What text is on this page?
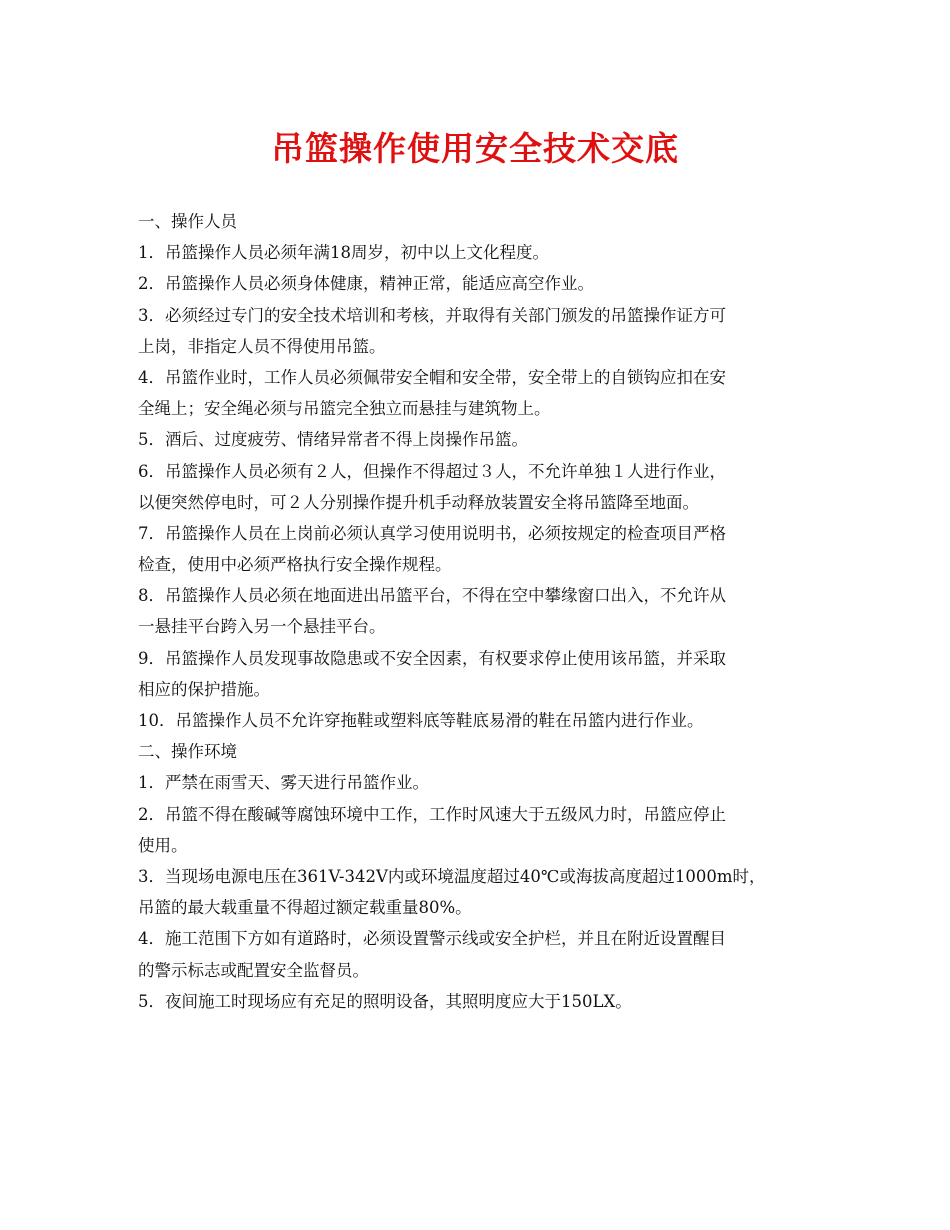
吊篮操作使用安全技术交底
一、操作人员
1．吊篮操作人员必须年满18周岁，初中以上文化程度。
2．吊篮操作人员必须身体健康，精神正常，能适应高空作业。
3．必须经过专门的安全技术培训和考核，并取得有关部门颁发的吊篮操作证方可
上岗，非指定人员不得使用吊篮。
4．吊篮作业时，工作人员必须佩带安全帽和安全带，安全带上的自锁钩应扣在安
全绳上；安全绳必须与吊篮完全独立而悬挂与建筑物上。
5．酒后、过度疲劳、情绪异常者不得上岗操作吊篮。
6．吊篮操作人员必须有２人，但操作不得超过３人，不允许单独１人进行作业，
以便突然停电时，可２人分别操作提升机手动释放装置安全将吊篮降至地面。
7．吊篮操作人员在上岗前必须认真学习使用说明书，必须按规定的检查项目严格
检查，使用中必须严格执行安全操作规程。
8．吊篮操作人员必须在地面进出吊篮平台，不得在空中攀缘窗口出入，不允许从
一悬挂平台跨入另一个悬挂平台。
9．吊篮操作人员发现事故隐患或不安全因素，有权要求停止使用该吊篮，并采取
相应的保护措施。
10．吊篮操作人员不允许穿拖鞋或塑料底等鞋底易滑的鞋在吊篮内进行作业。
二、操作环境
1．严禁在雨雪天、雾天进行吊篮作业。
2．吊篮不得在酸碱等腐蚀环境中工作，工作时风速大于五级风力时，吊篮应停止
使用。
3．当现场电源电压在361V-342V内或环境温度超过40℃或海拔高度超过1000m时，
吊篮的最大载重量不得超过额定载重量80%。
4．施工范围下方如有道路时，必须设置警示线或安全护栏，并且在附近设置醒目
的警示标志或配置安全监督员。
5．夜间施工时现场应有充足的照明设备，其照明度应大于150LX。
